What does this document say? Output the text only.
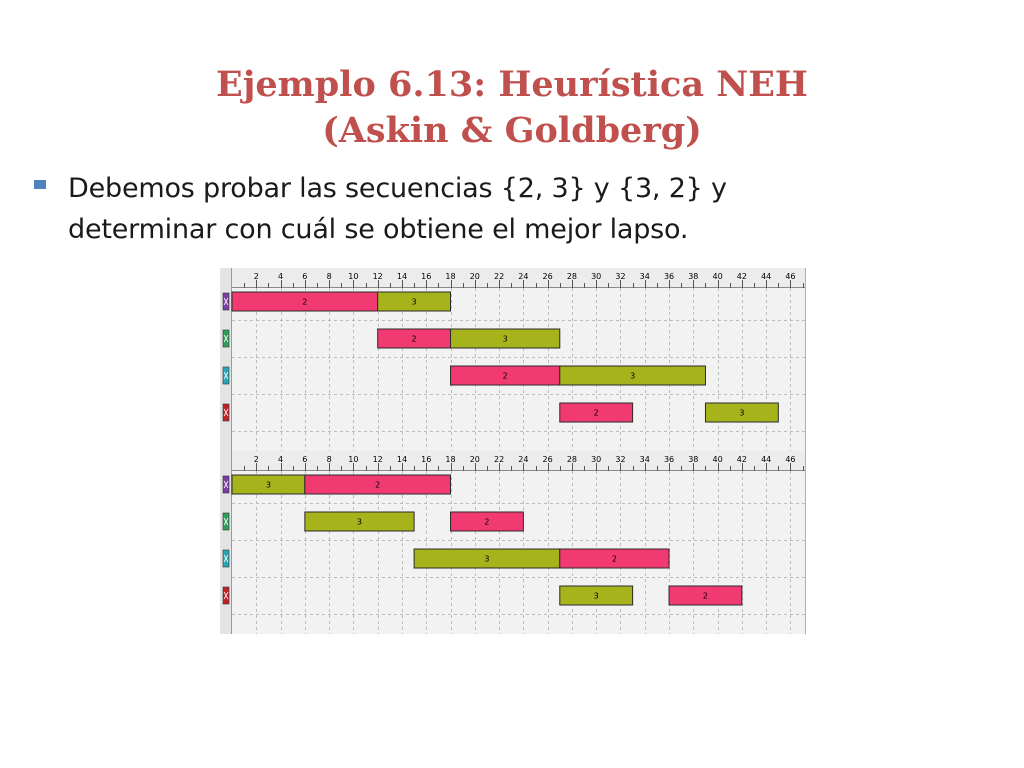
Ejemplo 6.13: Heurística NEH
(Askin & Goldberg)
Debemos probar las secuencias {2, 3} y {3, 2} y determinar con cuál se obtiene el mejor lapso.
2 4 6 8 10 12 14 16 18 20 22 24 26 28 30 32 34 36 38 40 42 44 46
2	3
2	3
2	3
2	3
2 4 6 8 10 12 14 16 18 20 22 24 26 28 30 32 34 36 38 40 42 44 46
3	2
3	2
3	2
3	2
